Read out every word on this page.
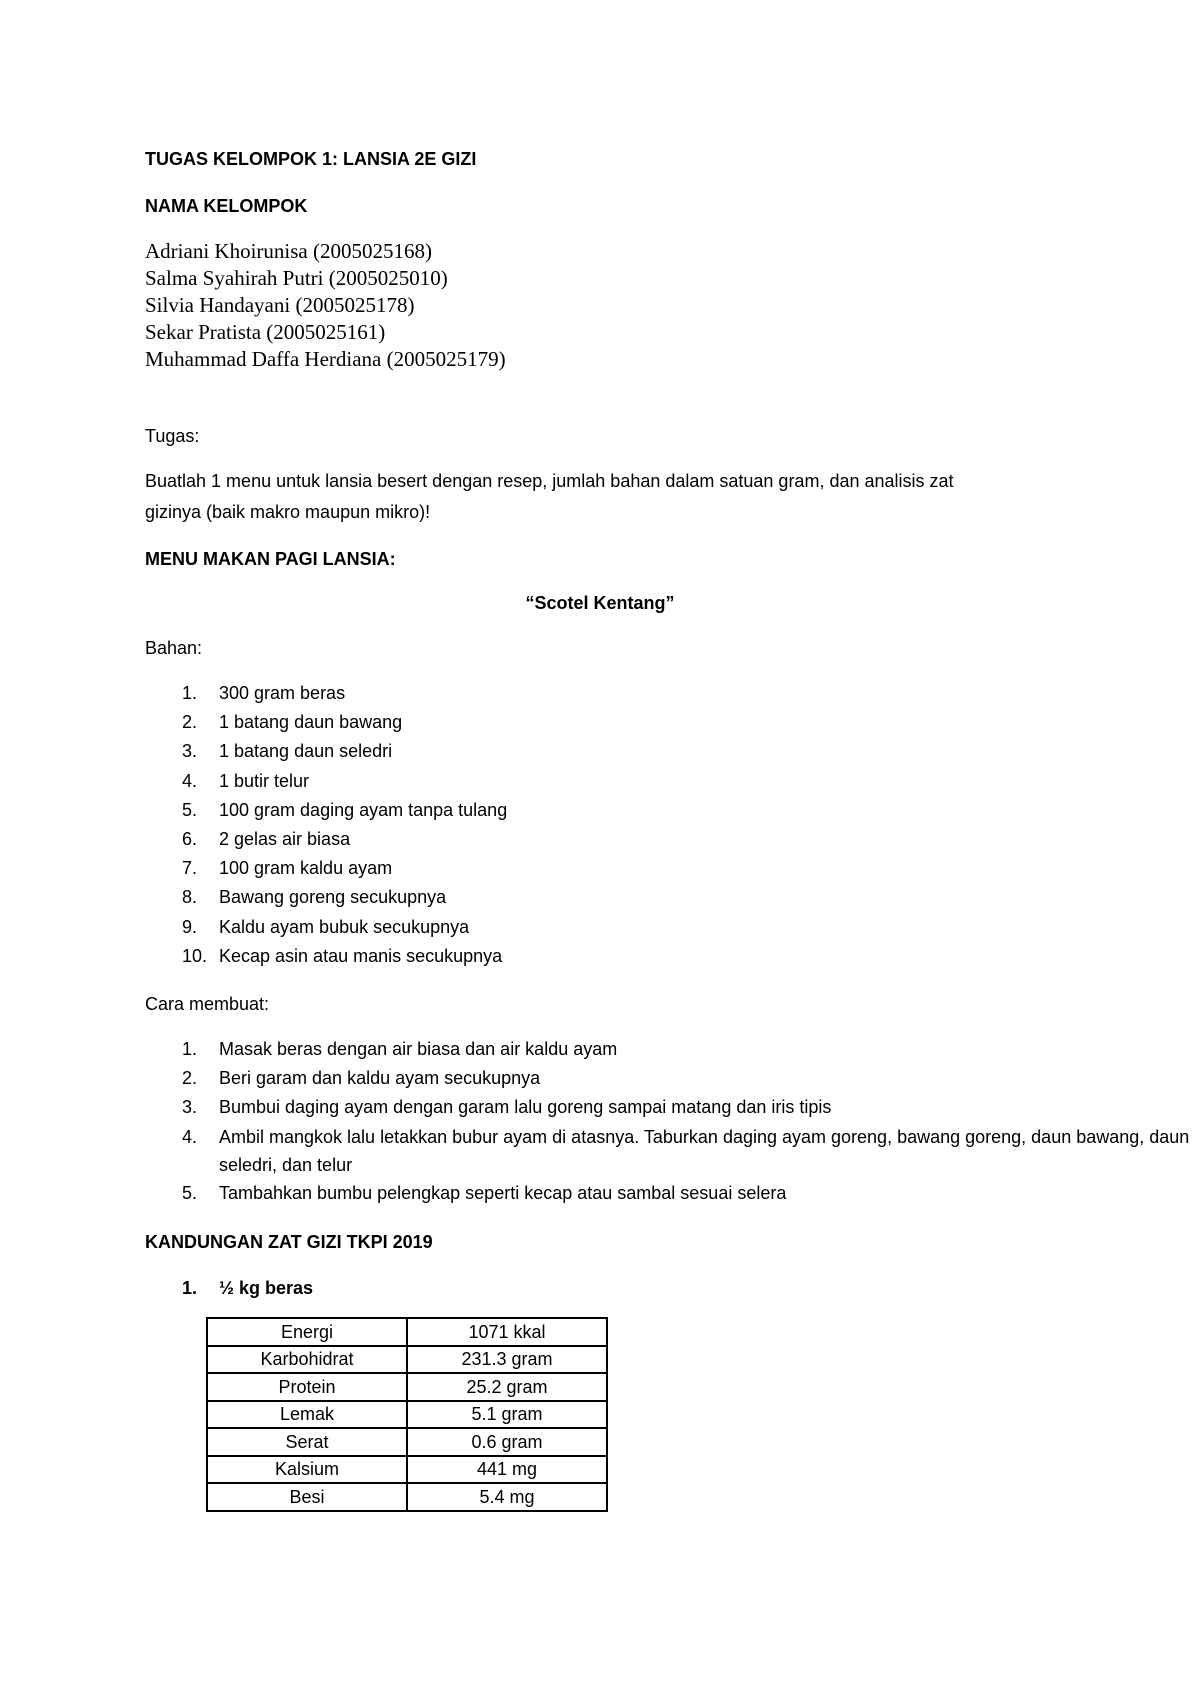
TUGAS KELOMPOK 1: LANSIA 2E GIZI
NAMA KELOMPOK
Adriani Khoirunisa (2005025168)
Salma Syahirah Putri (2005025010)
Silvia Handayani (2005025178)
Sekar Pratista (2005025161)
Muhammad Daffa Herdiana (2005025179)
Tugas:
Buatlah 1 menu untuk lansia besert dengan resep, jumlah bahan dalam satuan gram, dan analisis zat
gizinya (baik makro maupun mikro)!
MENU MAKAN PAGI LANSIA:
“Scotel Kentang”
Bahan:
1. 300 gram beras
2. 1 batang daun bawang
3. 1 batang daun seledri
4. 1 butir telur
5. 100 gram daging ayam tanpa tulang
6. 2 gelas air biasa
7. 100 gram kaldu ayam
8. Bawang goreng secukupnya
9. Kaldu ayam bubuk secukupnya
10. Kecap asin atau manis secukupnya
Cara membuat:
1. Masak beras dengan air biasa dan air kaldu ayam
2. Beri garam dan kaldu ayam secukupnya
3. Bumbui daging ayam dengan garam lalu goreng sampai matang dan iris tipis
4. Ambil mangkok lalu letakkan bubur ayam di atasnya. Taburkan daging ayam goreng, bawang goreng, daun bawang, daun seledri, dan telur
5. Tambahkan bumbu pelengkap seperti kecap atau sambal sesuai selera
KANDUNGAN ZAT GIZI TKPI 2019
1. ½ kg beras
Energi	1071 kkal
Karbohidrat	231.3 gram
Protein	25.2 gram
Lemak	5.1 gram
Serat	0.6 gram
Kalsium	441 mg
Besi	5.4 mg
